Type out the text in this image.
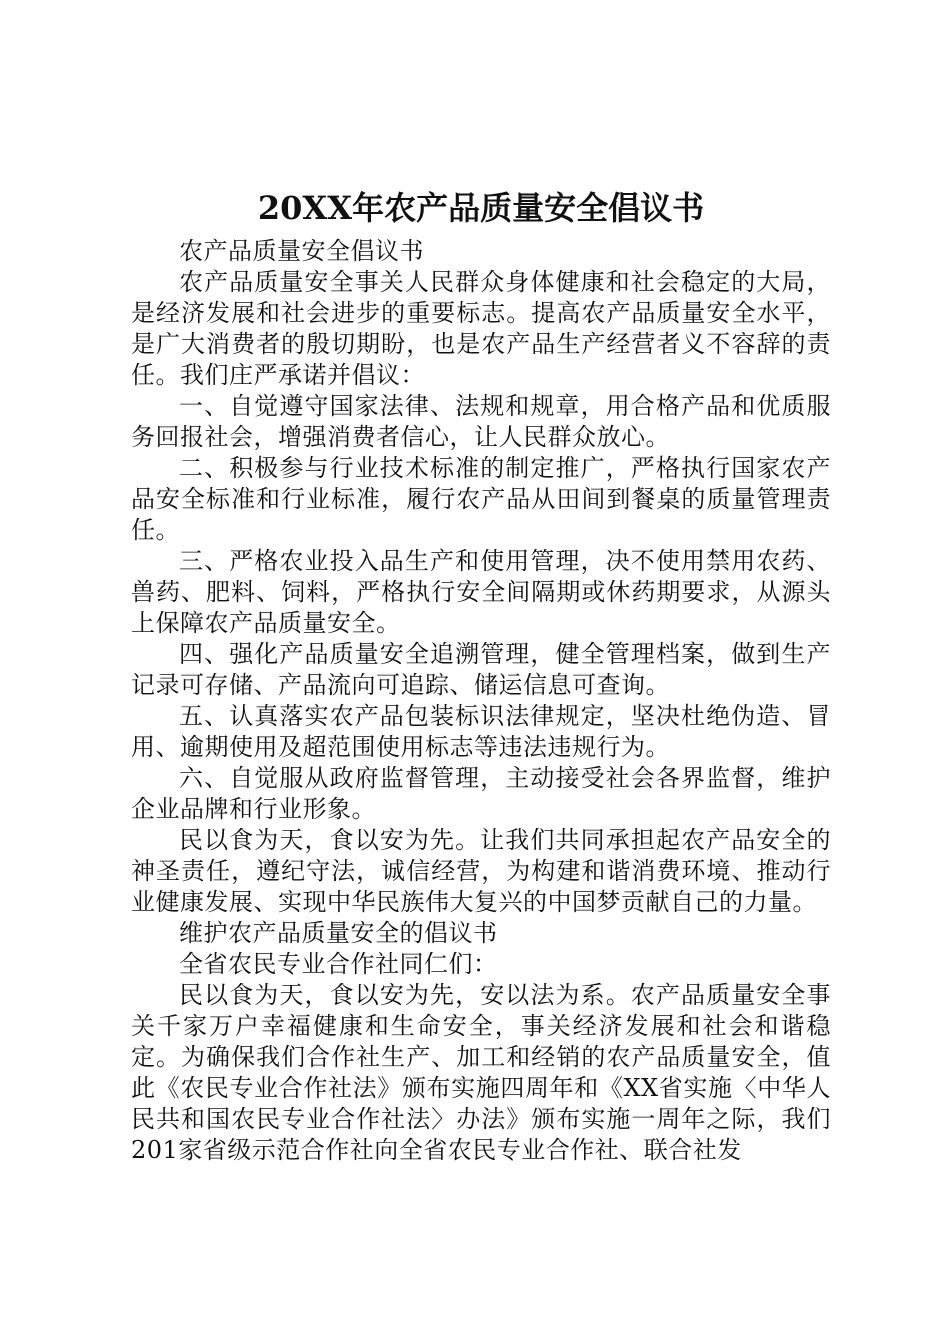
20XX年农产品质量安全倡议书

农产品质量安全倡议书

农产品质量安全事关人民群众身体健康和社会稳定的大局，是经济发展和社会进步的重要标志。提高农产品质量安全水平，是广大消费者的殷切期盼，也是农产品生产经营者义不容辞的责任。我们庄严承诺并倡议：

一、自觉遵守国家法律、法规和规章，用合格产品和优质服务回报社会，增强消费者信心，让人民群众放心。

二、积极参与行业技术标准的制定推广，严格执行国家农产品安全标准和行业标准，履行农产品从田间到餐桌的质量管理责任。

三、严格农业投入品生产和使用管理，决不使用禁用农药、兽药、肥料、饲料，严格执行安全间隔期或休药期要求，从源头上保障农产品质量安全。

四、强化产品质量安全追溯管理，健全管理档案，做到生产记录可存储、产品流向可追踪、储运信息可查询。

五、认真落实农产品包装标识法律规定，坚决杜绝伪造、冒用、逾期使用及超范围使用标志等违法违规行为。

六、自觉服从政府监督管理，主动接受社会各界监督，维护企业品牌和行业形象。

民以食为天，食以安为先。让我们共同承担起农产品安全的神圣责任，遵纪守法，诚信经营，为构建和谐消费环境、推动行业健康发展、实现中华民族伟大复兴的中国梦贡献自己的力量。

维护农产品质量安全的倡议书

全省农民专业合作社同仁们：

民以食为天，食以安为先，安以法为系。农产品质量安全事关千家万户幸福健康和生命安全，事关经济发展和社会和谐稳定。为确保我们合作社生产、加工和经销的农产品质量安全，值此《农民专业合作社法》颁布实施四周年和《XX省实施〈中华人民共和国农民专业合作社法〉办法》颁布实施一周年之际，我们201家省级示范合作社向全省农民专业合作社、联合社发
